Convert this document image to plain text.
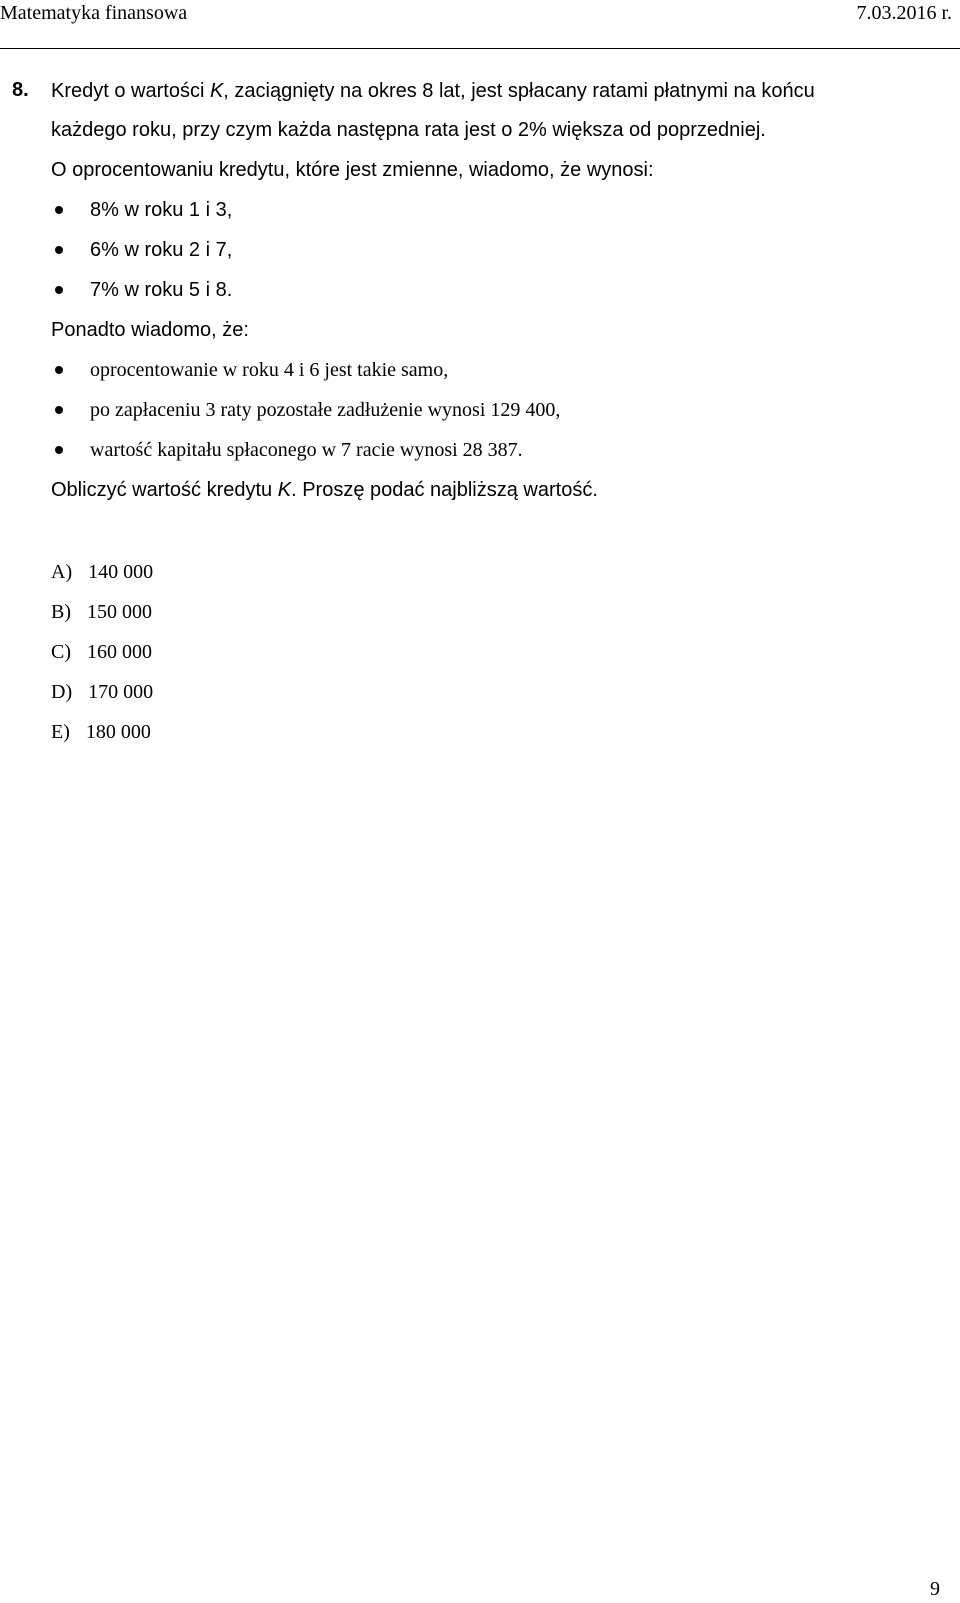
Matematyka finansowa	7.03.2016 r.
8. Kredyt o wartości K, zaciągnięty na okres 8 lat, jest spłacany ratami płatnymi na końcu
każdego roku, przy czym każda następna rata jest o 2% większa od poprzedniej.
O oprocentowaniu kredytu, które jest zmienne, wiadomo, że wynosi:
8% w roku 1 i 3,
6% w roku 2 i 7,
7% w roku 5 i 8.
Ponadto wiadomo, że:
oprocentowanie w roku 4 i 6 jest takie samo,
po zapłaceniu 3 raty pozostałe zadłużenie wynosi 129 400,
wartość kapitału spłaconego w 7 racie wynosi 28 387.
Obliczyć wartość kredytu K. Proszę podać najbliższą wartość.
A) 140 000
B) 150 000
C) 160 000
D) 170 000
E) 180 000
9
